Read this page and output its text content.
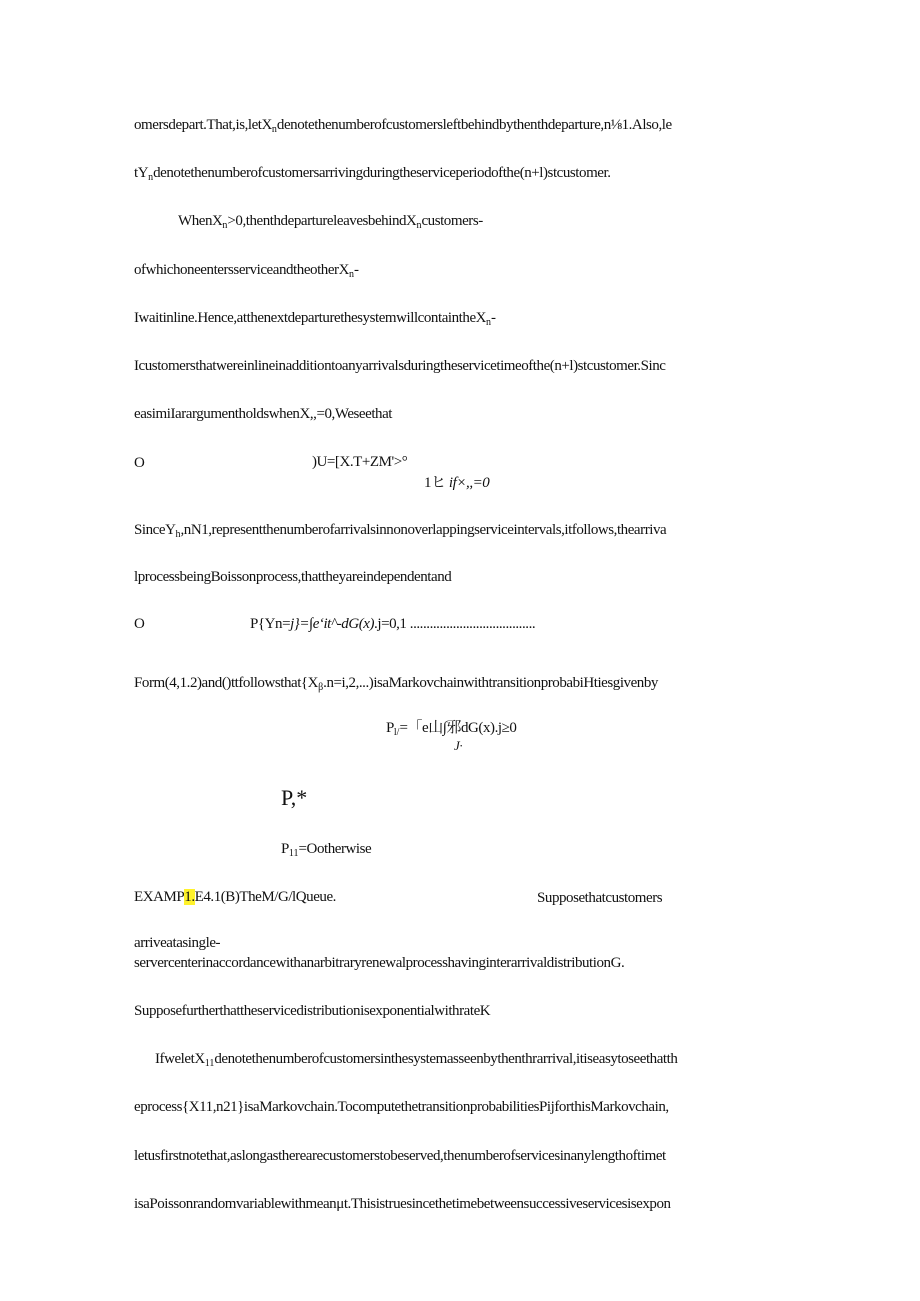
omersdepart.That,is,letX$_n$denotethenumberofcustomersleftbehindbythenthdeparture,n⅛1.Also,le
$tY_ndenotethenumberofcustomersarrivingduringtheserviceperiodofthe(n+l)stcustomer$.
WhenX$_n$>0,thenthdepartureleavesbehindX$_n$customers-
ofwhichoneentersserviceandtheotherX$_n$-
Iwaitinline.Hence,atthenextdeparturethesystemwillcontaintheX$_n$-
Icustomersthatwereinlineinadditiontoanyarrivalsduringtheservicetimeofthe(n+l)stcustomer.Sinc
easimiIarargumentholdswhenX,,=0,Weseethat
O	)U=[X.T+ZM'>°
1ヒ if×,,=0
SinceY$_h$,nN1,representthenumberofarrivalsinnonoverlappingserviceintervals,itfollows,thearriva
lprocessbeingBoissonprocess,thattheyareindependentand
O	P{Yn=j}=∫e‘it^-dG(x).j=0,1 ......................................
$Form(4,1.2)and()ttfollowsthat\{X_\beta.n=i,2,...)isaMarkovchainwithtransitionprobabiHtiesgivenby$
$P_{l/}=$「e山∫邪dG(x).j≥0
J·
P,*
$P_{11}=Ootherwise$
EXAMP1.E4.1(B)TheM/G/lQueue.	Supposethatcustomers
arriveatasingle-
servercenterinaccordancewithanarbitraryrenewalprocesshavinginterarrivaldistributionG.
SupposefurtherthattheservicedistributionisexponentialwithrateK
IfweletX$_{11}$denotethenumberofcustomersinthesystemasseenbythenthrarrival,itiseasytoseethatth
eprocess{X11,n21}isaMarkovchain.TocomputethetransitionprobabilitiesPijforthisMarkovchain,
letusfirstnotethat,aslongastherearecustomerstobeserved,thenumberofservicesinanylengthoftimet
isaPoissonrandomvariablewithmeanμt.Thisistruesincethetimebetweensuccessiveservicesisexpon
